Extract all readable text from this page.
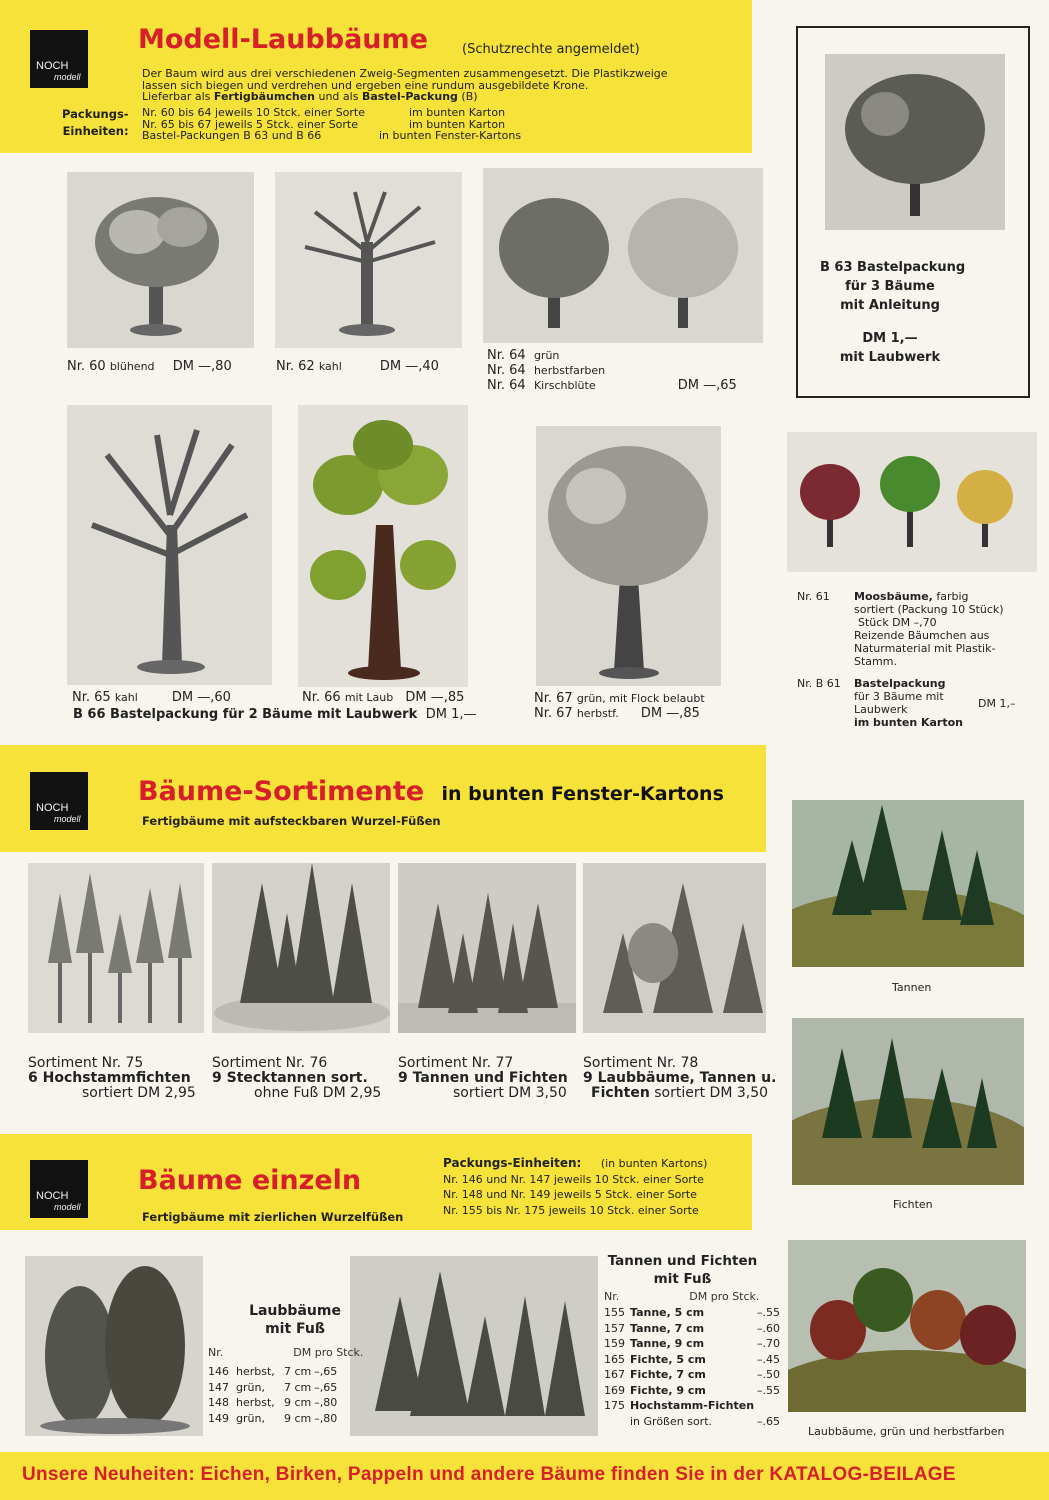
NOCH
modell
Modell-Laubbäume	(Schutzrechte angemeldet)
Der Baum wird aus drei verschiedenen Zweig-Segmenten zusammengesetzt. Die Plastikzweige
lassen sich biegen und verdrehen und ergeben eine rundum ausgebildete Krone.
Lieferbar als Fertigbäumchen und als Bastel-Packung (B)
Packungs-
Einheiten:
Nr. 60 bis 64 jeweils 10 Stck. einer Sorte	im bunten Karton
Nr. 65 bis 67 jeweils 5 Stck. einer Sorte	im bunten Karton
Bastel-Packungen B 63 und B 66	in bunten Fenster-Kartons
Nr. 60 blühend DM —,80	Nr. 62 kahl	DM —,40
Nr. 64 grün
Nr. 64 herbstfarben
Nr. 64 Kirschblüte	DM —,65
B 63 Bastelpackung
für 3 Bäume
mit Anleitung
DM 1,—
mit Laubwerk
Nr. 65 kahl	DM —,60	Nr. 66 mit Laub DM —,85
B 66 Bastelpackung für 2 Bäume mit Laubwerk DM 1,—
Nr. 67 grün, mit Flock belaubt
Nr. 67 herbstf. DM —,85
Nr. 61 Moosbäume, farbig
sortiert (Packung 10 Stück)
Stück DM –,70
Reizende Bäumchen aus
Naturmaterial mit Plastik-
Stamm.
Nr. B 61 Bastelpackung
für 3 Bäume mit
Laubwerk
im bunten Karton
DM 1,–
NOCH
modell
Bäume-Sortimente in bunten Fenster-Kartons
Fertigbäume mit aufsteckbaren Wurzel-Füßen
Sortiment Nr. 75
6 Hochstammfichten
sortiert DM 2,95
Sortiment Nr. 76
9 Stecktannen sort.
ohne Fuß DM 2,95
Sortiment Nr. 77
9 Tannen und Fichten
sortiert DM 3,50
Sortiment Nr. 78
9 Laubbäume, Tannen u.
Fichten sortiert DM 3,50
Tannen
Fichten
Laubbäume, grün und herbstfarben
NOCH
modell
Bäume einzeln
Fertigbäume mit zierlichen Wurzelfüßen
Packungs-Einheiten: (in bunten Kartons)
Nr. 146 und Nr. 147 jeweils 10 Stck. einer Sorte
Nr. 148 und Nr. 149 jeweils 5 Stck. einer Sorte
Nr. 155 bis Nr. 175 jeweils 10 Stck. einer Sorte
Laubbäume
mit Fuß
Nr.	DM pro Stck.
146	herbst,	7 cm	–,65
147	grün,	7 cm	–,65
148	herbst,	9 cm	–,80
149	grün,	9 cm	–,80
Tannen und Fichten
mit Fuß
Nr.	DM pro Stck.
155	Tanne, 5 cm	–.55
157	Tanne, 7 cm	–.60
159	Tanne, 9 cm	–.70
165	Fichte, 5 cm	–.45
167	Fichte, 7 cm	–.50
169	Fichte, 9 cm	–.55
175	Hochstamm-Fichten	
	in Größen sort.	–.65
Unsere Neuheiten: Eichen, Birken, Pappeln und andere Bäume finden Sie in der KATALOG-BEILAGE
